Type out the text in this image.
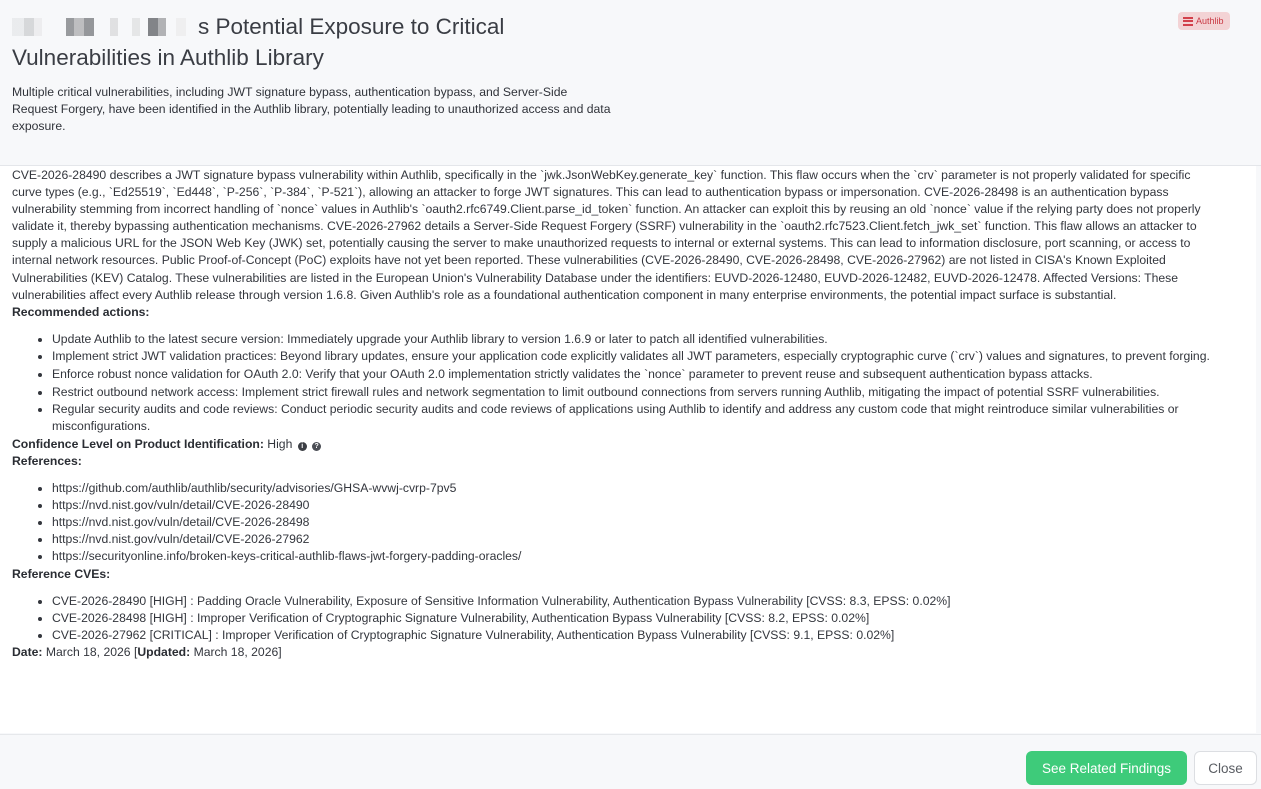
s Potential Exposure to Critical Vulnerabilities in Authlib Library
Multiple critical vulnerabilities, including JWT signature bypass, authentication bypass, and Server-Side Request Forgery, have been identified in the Authlib library, potentially leading to unauthorized access and data exposure.
Authlib

CVE-2026-28490 describes a JWT signature bypass vulnerability within Authlib, specifically in the `jwk.JsonWebKey.generate_key` function. This flaw occurs when the `crv` parameter is not properly validated for specific curve types (e.g., `Ed25519`, `Ed448`, `P-256`, `P-384`, `P-521`), allowing an attacker to forge JWT signatures. This can lead to authentication bypass or impersonation. CVE-2026-28498 is an authentication bypass vulnerability stemming from incorrect handling of `nonce` values in Authlib's `oauth2.rfc6749.Client.parse_id_token` function. An attacker can exploit this by reusing an old `nonce` value if the relying party does not properly validate it, thereby bypassing authentication mechanisms. CVE-2026-27962 details a Server-Side Request Forgery (SSRF) vulnerability in the `oauth2.rfc7523.Client.fetch_jwk_set` function. This flaw allows an attacker to supply a malicious URL for the JSON Web Key (JWK) set, potentially causing the server to make unauthorized requests to internal or external systems. This can lead to information disclosure, port scanning, or access to internal network resources. Public Proof-of-Concept (PoC) exploits have not yet been reported. These vulnerabilities (CVE-2026-28490, CVE-2026-28498, CVE-2026-27962) are not listed in CISA's Known Exploited Vulnerabilities (KEV) Catalog. These vulnerabilities are listed in the European Union's Vulnerability Database under the identifiers: EUVD-2026-12480, EUVD-2026-12482, EUVD-2026-12478. Affected Versions: These vulnerabilities affect every Authlib release through version 1.6.8. Given Authlib's role as a foundational authentication component in many enterprise environments, the potential impact surface is substantial.

Recommended actions:

• Update Authlib to the latest secure version: Immediately upgrade your Authlib library to version 1.6.9 or later to patch all identified vulnerabilities.
• Implement strict JWT validation practices: Beyond library updates, ensure your application code explicitly validates all JWT parameters, especially cryptographic curve (`crv`) values and signatures, to prevent forging.
• Enforce robust nonce validation for OAuth 2.0: Verify that your OAuth 2.0 implementation strictly validates the `nonce` parameter to prevent reuse and subsequent authentication bypass attacks.
• Restrict outbound network access: Implement strict firewall rules and network segmentation to limit outbound connections from servers running Authlib, mitigating the impact of potential SSRF vulnerabilities.
• Regular security audits and code reviews: Conduct periodic security audits and code reviews of applications using Authlib to identify and address any custom code that might reintroduce similar vulnerabilities or misconfigurations.

Confidence Level on Product Identification: High i ?

References:

• https://github.com/authlib/authlib/security/advisories/GHSA-wvwj-cvrp-7pv5
• https://nvd.nist.gov/vuln/detail/CVE-2026-28490
• https://nvd.nist.gov/vuln/detail/CVE-2026-28498
• https://nvd.nist.gov/vuln/detail/CVE-2026-27962
• https://securityonline.info/broken-keys-critical-authlib-flaws-jwt-forgery-padding-oracles/

Reference CVEs:

• CVE-2026-28490 [HIGH] : Padding Oracle Vulnerability, Exposure of Sensitive Information Vulnerability, Authentication Bypass Vulnerability [CVSS: 8.3, EPSS: 0.02%]
• CVE-2026-28498 [HIGH] : Improper Verification of Cryptographic Signature Vulnerability, Authentication Bypass Vulnerability [CVSS: 8.2, EPSS: 0.02%]
• CVE-2026-27962 [CRITICAL] : Improper Verification of Cryptographic Signature Vulnerability, Authentication Bypass Vulnerability [CVSS: 9.1, EPSS: 0.02%]

Date: March 18, 2026 [Updated: March 18, 2026]

See Related Findings	Close
